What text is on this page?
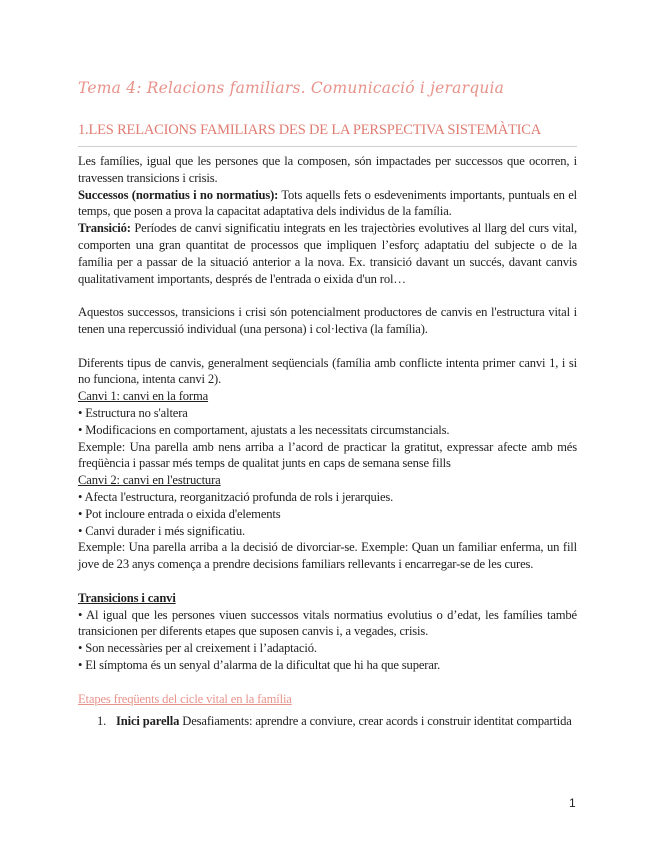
Tema 4: Relacions familiars. Comunicació i jerarquia
1.LES RELACIONS FAMILIARS DES DE LA PERSPECTIVA SISTEMÀTICA

Les famílies, igual que les persones que la composen, són impactades per successos que ocorren, i travessen transicions i crisis.

Successos (normatius i no normatius): Tots aquells fets o esdeveniments importants, puntuals en el temps, que posen a prova la capacitat adaptativa dels individus de la família.

Transició: Períodes de canvi significatiu integrats en les trajectòries evolutives al llarg del curs vital, comporten una gran quantitat de processos que impliquen l’esforç adaptatiu del subjecte o de la família per a passar de la situació anterior a la nova. Ex. transició davant un succés, davant canvis qualitativament importants, després de l'entrada o eixida d'un rol…

Aquestos successos, transicions i crisi són potencialment productores de canvis en l'estructura vital i tenen una repercussió individual (una persona) i col·lectiva (la família).

Diferents tipus de canvis, generalment seqüencials (família amb conflicte intenta primer canvi 1, i si no funciona, intenta canvi 2).

Canvi 1: canvi en la forma

• Estructura no s'altera

• Modificacions en comportament, ajustats a les necessitats circumstancials.

Exemple: Una parella amb nens arriba a l’acord de practicar la gratitut, expressar afecte amb més freqüència i passar més temps de qualitat junts en caps de semana sense fills

Canvi 2: canvi en l'estructura

• Afecta l'estructura, reorganització profunda de rols i jerarquies.

• Pot incloure entrada o eixida d'elements

• Canvi durader i més significatiu.

Exemple: Una parella arriba a la decisió de divorciar-se. Exemple: Quan un familiar enferma, un fill jove de 23 anys comença a prendre decisions familiars rellevants i encarregar-se de les cures.

Transicions i canvi

• Al igual que les persones viuen successos vitals normatius evolutius o d’edat, les famílies també transicionen per diferents etapes que suposen canvis i, a vegades, crisis.

• Son necessàries per al creixement i l’adaptació.

• El símptoma és un senyal d’alarma de la dificultat que hi ha que superar.

Etapes freqüents del cicle vital en la família

1. Inici parella Desafiaments: aprendre a conviure, crear acords i construir identitat compartida
1
